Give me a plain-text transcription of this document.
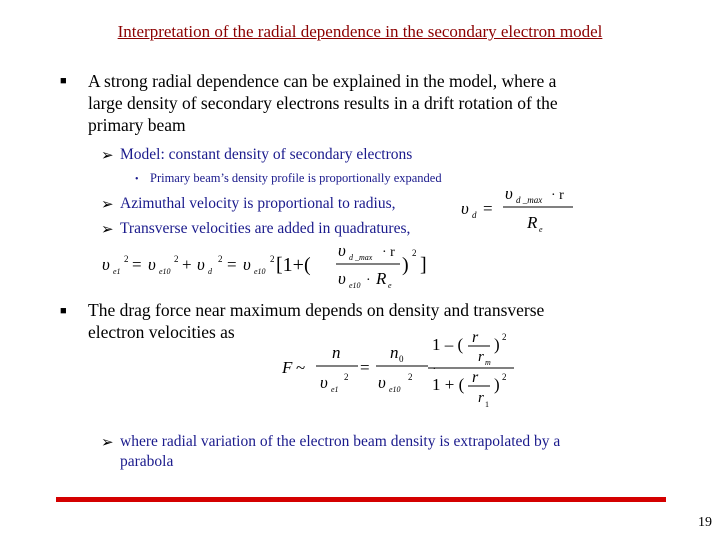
Interpretation of the radial dependence in the secondary electron model
■ A strong radial dependence can be explained in the model, where a
large density of secondary electrons results in a drift rotation of the
primary beam
➢ Model: constant density of secondary electrons
• Primary beam’s density profile is proportionally expanded
➢ Azimuthal velocity is proportional to radius,
➢ Transverse velocities are added in quadratures,
υ d =
υ d _max · r
R e
υ e1
2 = υ e10
2 + υ d
2 = υ e10
2 [1+(
υ d _max · r
υ e10 · R e
)
2
]
■ The drag force near maximum depends on density and transverse
electron velocities as
F ~
n
υ e1
2 =
n 0
υ e10
2 ·
1 – ( r
r m
) 2
1 + ( r
r 1
) 2
➢ where radial variation of the electron beam density is extrapolated by a
parabola
19
